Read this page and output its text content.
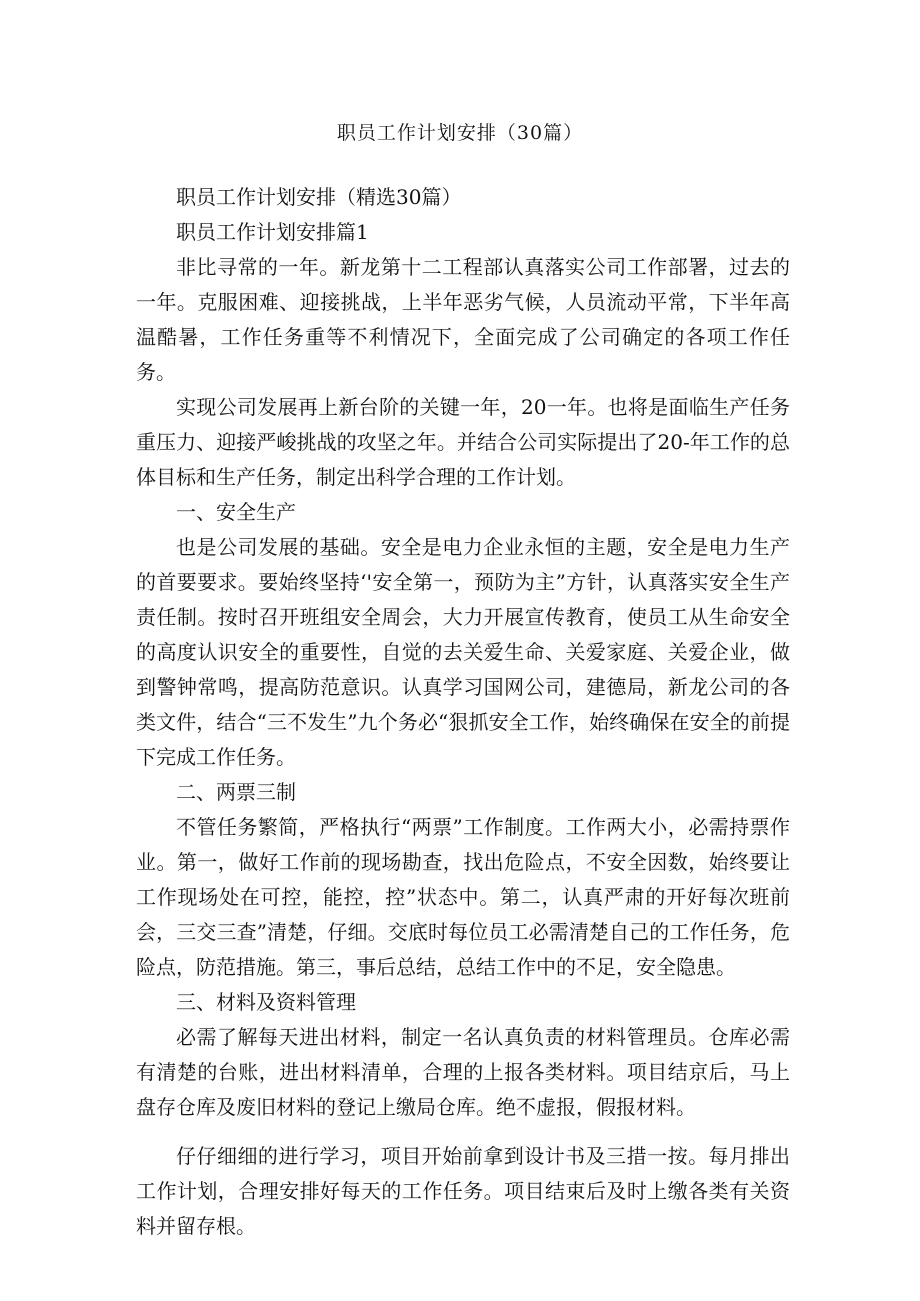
职员工作计划安排（30篇）

职员工作计划安排（精选30篇）

职员工作计划安排篇1

非比寻常的一年。新龙第十二工程部认真落实公司工作部署，过去的一年。克服困难、迎接挑战，上半年恶劣气候，人员流动平常，下半年高温酷暑，工作任务重等不利情况下，全面完成了公司确定的各项工作任务。

实现公司发展再上新台阶的关键一年，20一年。也将是面临生产任务重压力、迎接严峻挑战的攻坚之年。并结合公司实际提出了20-年工作的总体目标和生产任务，制定出科学合理的工作计划。

一、安全生产

也是公司发展的基础。安全是电力企业永恒的主题，安全是电力生产的首要要求。要始终坚持‘'安全第一，预防为主”方针，认真落实安全生产责任制。按时召开班组安全周会，大力开展宣传教育，使员工从生命安全的高度认识安全的重要性，自觉的去关爱生命、关爱家庭、关爱企业，做到警钟常鸣，提高防范意识。认真学习国网公司，建德局，新龙公司的各类文件，结合“三不发生”九个务必“狠抓安全工作，始终确保在安全的前提下完成工作任务。

二、两票三制

不管任务繁简，严格执行“两票”工作制度。工作两大小，必需持票作业。第一，做好工作前的现场勘查，找出危险点，不安全因数，始终要让工作现场处在可控，能控，控”状态中。第二，认真严肃的开好每次班前会，三交三查”清楚，仔细。交底时每位员工必需清楚自己的工作任务，危险点，防范措施。第三，事后总结，总结工作中的不足，安全隐患。

三、材料及资料管理

必需了解每天进出材料，制定一名认真负责的材料管理员。仓库必需有清楚的台账，进出材料清单，合理的上报各类材料。项目结京后，马上盘存仓库及废旧材料的登记上缴局仓库。绝不虚报，假报材料。

仔仔细细的进行学习，项目开始前拿到设计书及三措一按。每月排出工作计划，合理安排好每天的工作任务。项目结束后及时上缴各类有关资料并留存根。
